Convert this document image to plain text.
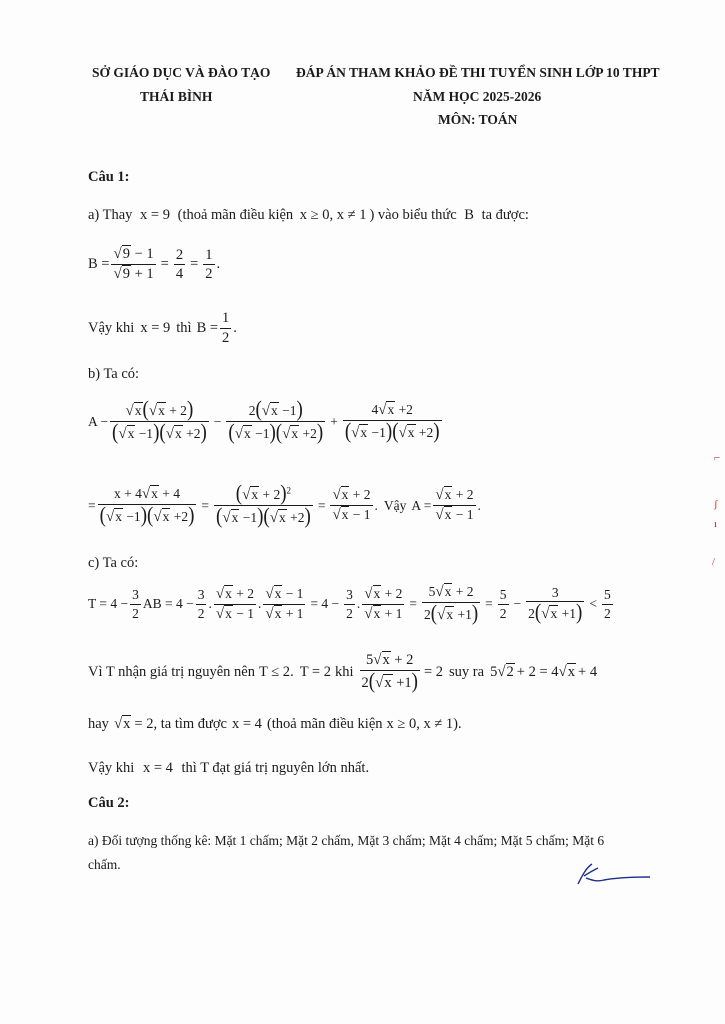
SỞ GIÁO DỤC VÀ ĐÀO TẠO
THÁI BÌNH
ĐÁP ÁN THAM KHẢO ĐỀ THI TUYỂN SINH LỚP 10 THPT
NĂM HỌC 2025-2026
MÔN: TOÁN
Câu 1:
a) Thay x = 9 (thoả mãn điều kiện x ≥ 0, x ≠ 1 ) vào biểu thức B ta được:
$B = \frac{√9 - 1}{√9 + 1} = \frac{2}{4} = \frac{1}{2}$ .
Vậy khi x = 9 thì $B = \frac{1}{2}$ .
b) Ta có:
$A - \frac{√x(√x + 2)}{(√x -1)(√x +2)} - \frac{2(√x -1)}{(√x -1)(√x +2)} + \frac{4√x +2}{(√x -1)(√x +2)}$
= $\frac{x + 4√x + 4}{(√x -1)(√x +2)} = \frac{(√x + 2)^2}{(√x -1)(√x +2)} = \frac{√x + 2}{√x - 1}$ . Vậy $A = \frac{√x + 2}{√x - 1}$ .
c) Ta có:
$T = 4 - \frac{3}{2}$ AB = $4 - \frac{3}{2}$ . $\frac{√x + 2}{√x - 1}$ . $\frac{√x - 1}{√x + 1} = 4 - \frac{3}{2}$ . $\frac{√x + 2}{√x + 1} = \frac{5√x + 2}{2(√x +1)} = \frac{5}{2} - \frac{3}{2(√x +1)} < \frac{5}{2}$
Vì T nhận giá trị nguyên nên T ≤ 2 . T = 2 khi $\frac{5√x + 2}{2(√x +1)} = 2$ suy ra 5√2 + 2 = 4 √x + 4
hay √x = 2 , ta tìm được x = 4 (thoả mãn điều kiện x ≥ 0, x ≠ 1 ).
Vậy khi x = 4 thì T đạt giá trị nguyên lớn nhất.
Câu 2:
a) Đối tượng thống kê: Mặt 1 chấm; Mặt 2 chấm, Mặt 3 chấm; Mặt 4 chấm; Mặt 5 chấm; Mặt 6
chấm.
⌐
ʃ
ı
/
